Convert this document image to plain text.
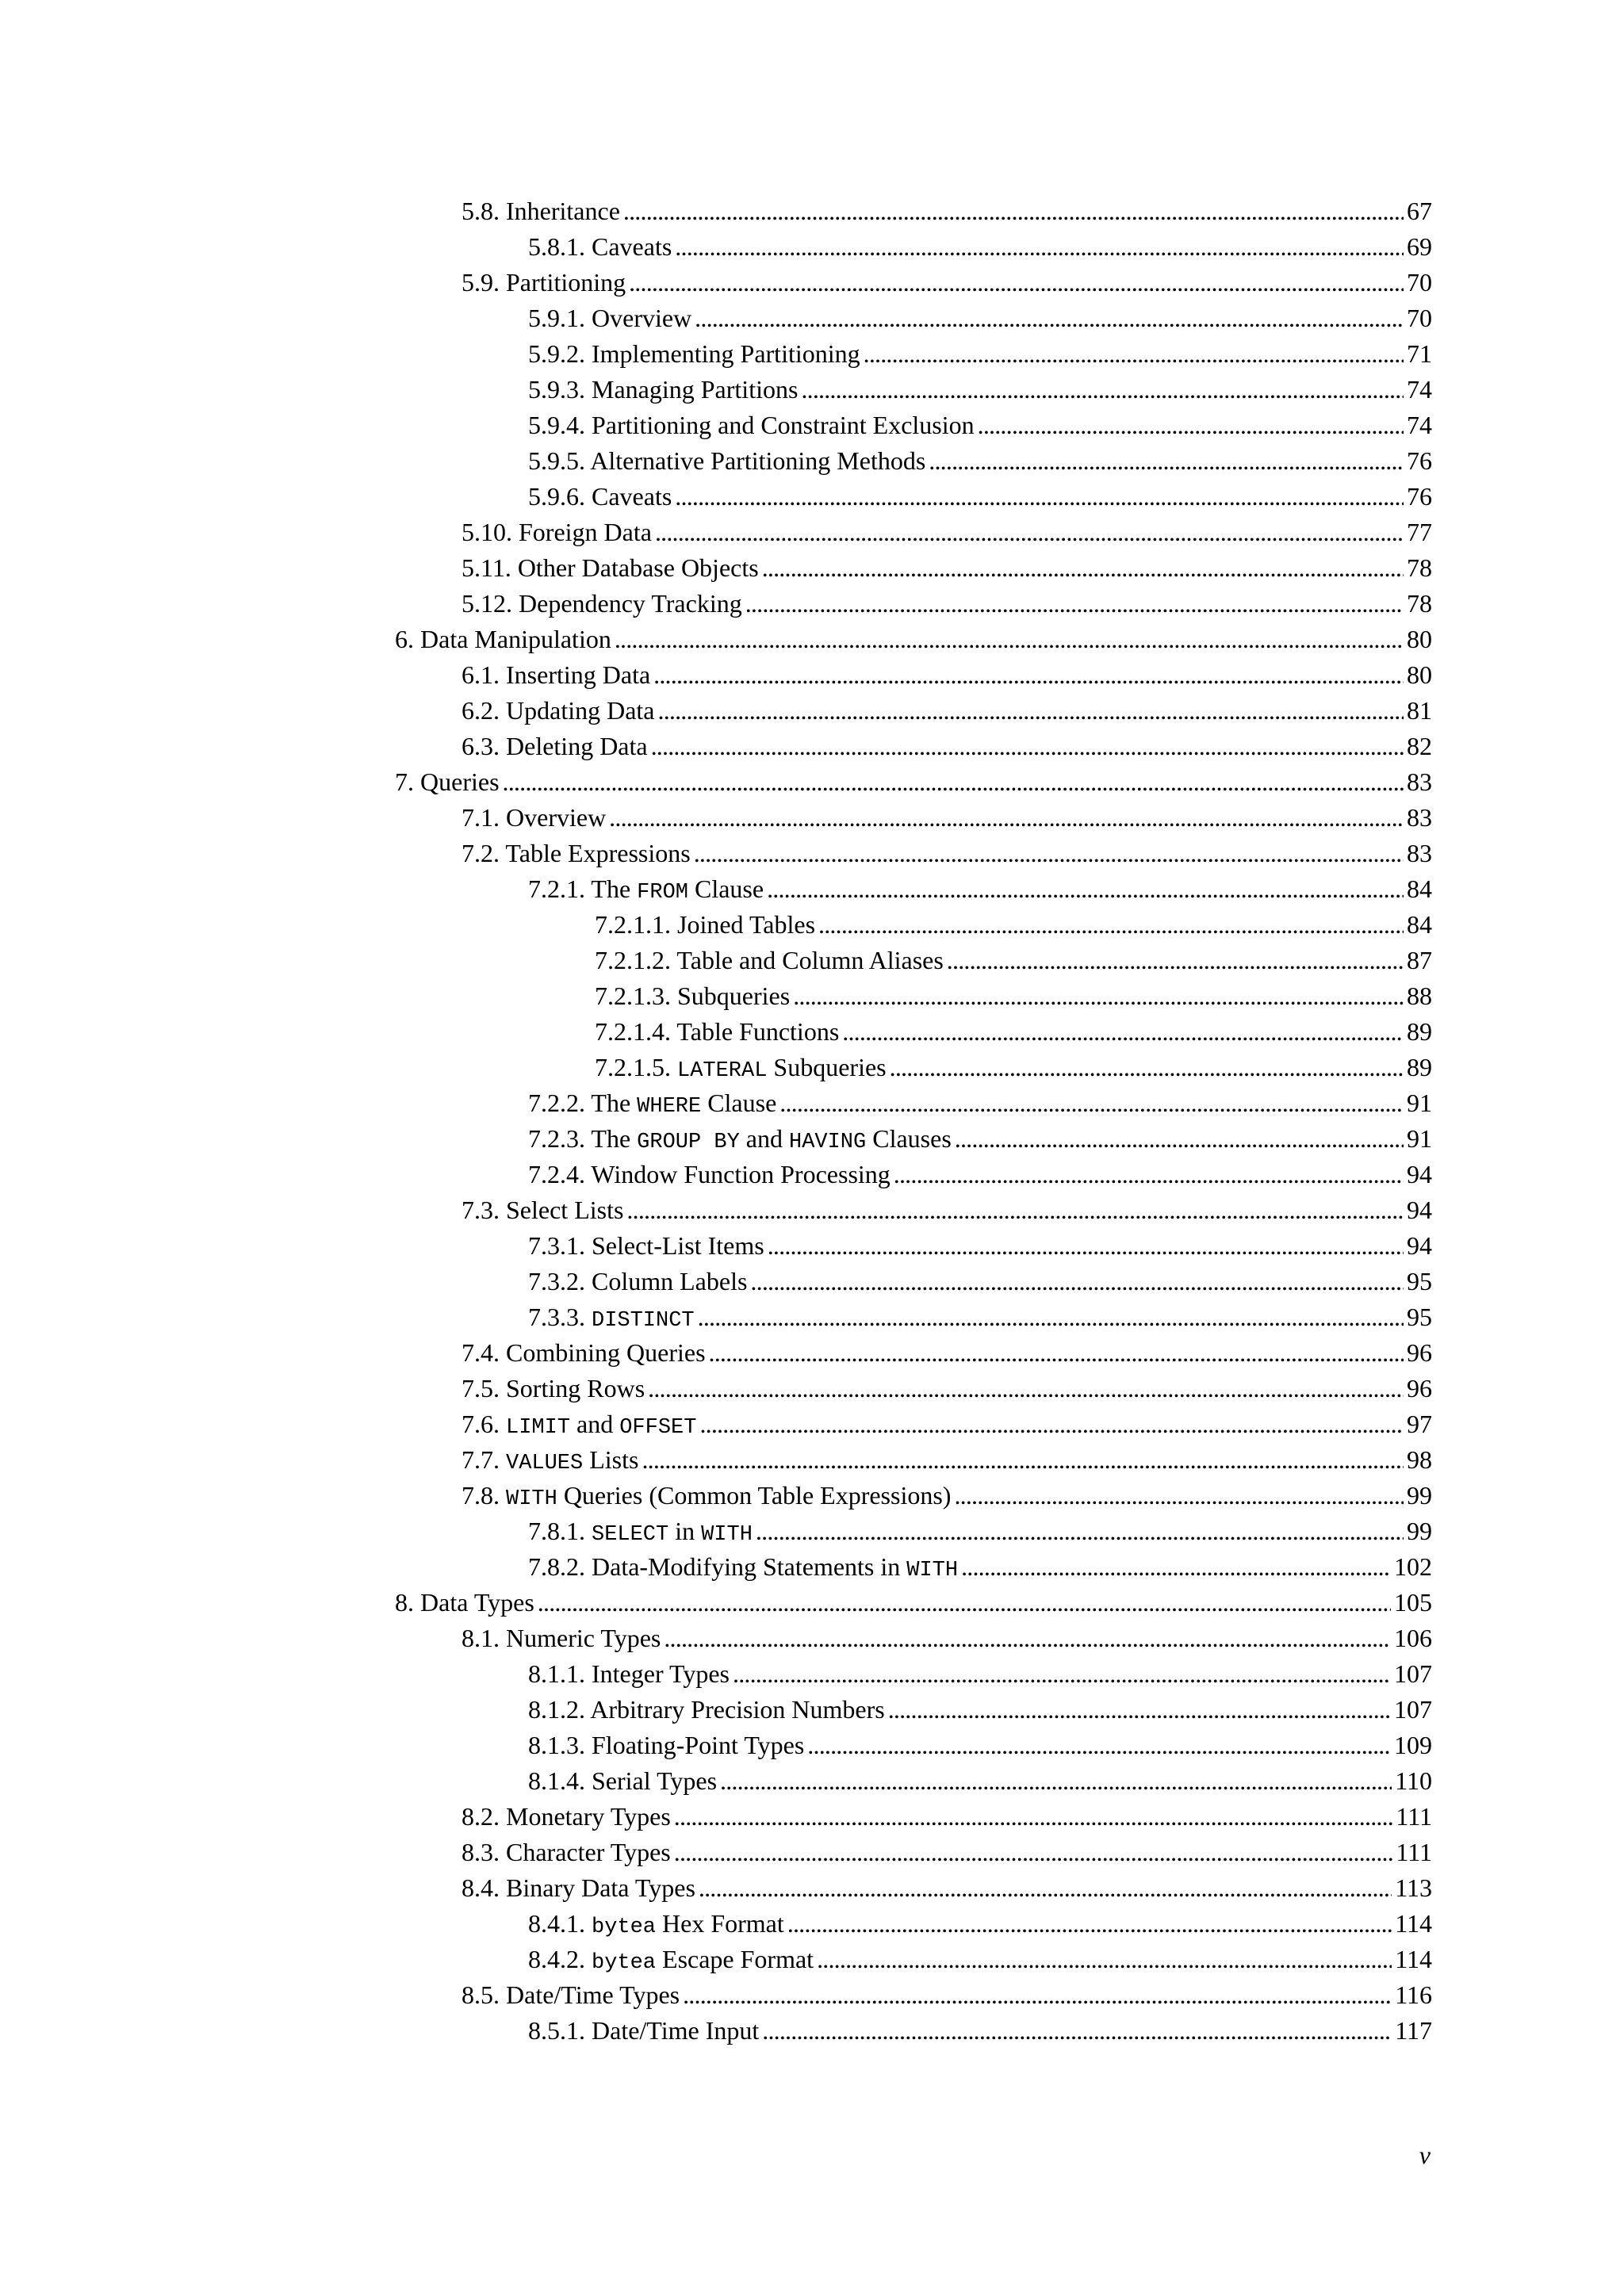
5.8. Inheritance . . .	67
5.8.1. Caveats . . .	69
5.9. Partitioning . . .	70
5.9.1. Overview . . .	70
5.9.2. Implementing Partitioning . . .	71
5.9.3. Managing Partitions . . .	74
5.9.4. Partitioning and Constraint Exclusion . . .	74
5.9.5. Alternative Partitioning Methods . . .	76
5.9.6. Caveats . . .	76
5.10. Foreign Data . . .	77
5.11. Other Database Objects . . .	78
5.12. Dependency Tracking . . .	78
6. Data Manipulation . . .	80
6.1. Inserting Data . . .	80
6.2. Updating Data . . .	81
6.3. Deleting Data . . .	82
7. Queries . . .	83
7.1. Overview . . .	83
7.2. Table Expressions . . .	83
7.2.1. The FROM Clause . . .	84
7.2.1.1. Joined Tables . . .	84
7.2.1.2. Table and Column Aliases . . .	87
7.2.1.3. Subqueries . . .	88
7.2.1.4. Table Functions . . .	89
7.2.1.5. LATERAL Subqueries . . .	89
7.2.2. The WHERE Clause . . .	91
7.2.3. The GROUP BY and HAVING Clauses . . .	91
7.2.4. Window Function Processing . . .	94
7.3. Select Lists . . .	94
7.3.1. Select-List Items . . .	94
7.3.2. Column Labels . . .	95
7.3.3. DISTINCT . . .	95
7.4. Combining Queries . . .	96
7.5. Sorting Rows . . .	96
7.6. LIMIT and OFFSET . . .	97
7.7. VALUES Lists . . .	98
7.8. WITH Queries (Common Table Expressions) . . .	99
7.8.1. SELECT in WITH . . .	99
7.8.2. Data-Modifying Statements in WITH . . .	102
8. Data Types . . .	105
8.1. Numeric Types . . .	106
8.1.1. Integer Types . . .	107
8.1.2. Arbitrary Precision Numbers . . .	107
8.1.3. Floating-Point Types . . .	109
8.1.4. Serial Types . . .	110
8.2. Monetary Types . . .	111
8.3. Character Types . . .	111
8.4. Binary Data Types . . .	113
8.4.1. bytea Hex Format . . .	114
8.4.2. bytea Escape Format . . .	114
8.5. Date/Time Types . . .	116
8.5.1. Date/Time Input . . .	117
v
